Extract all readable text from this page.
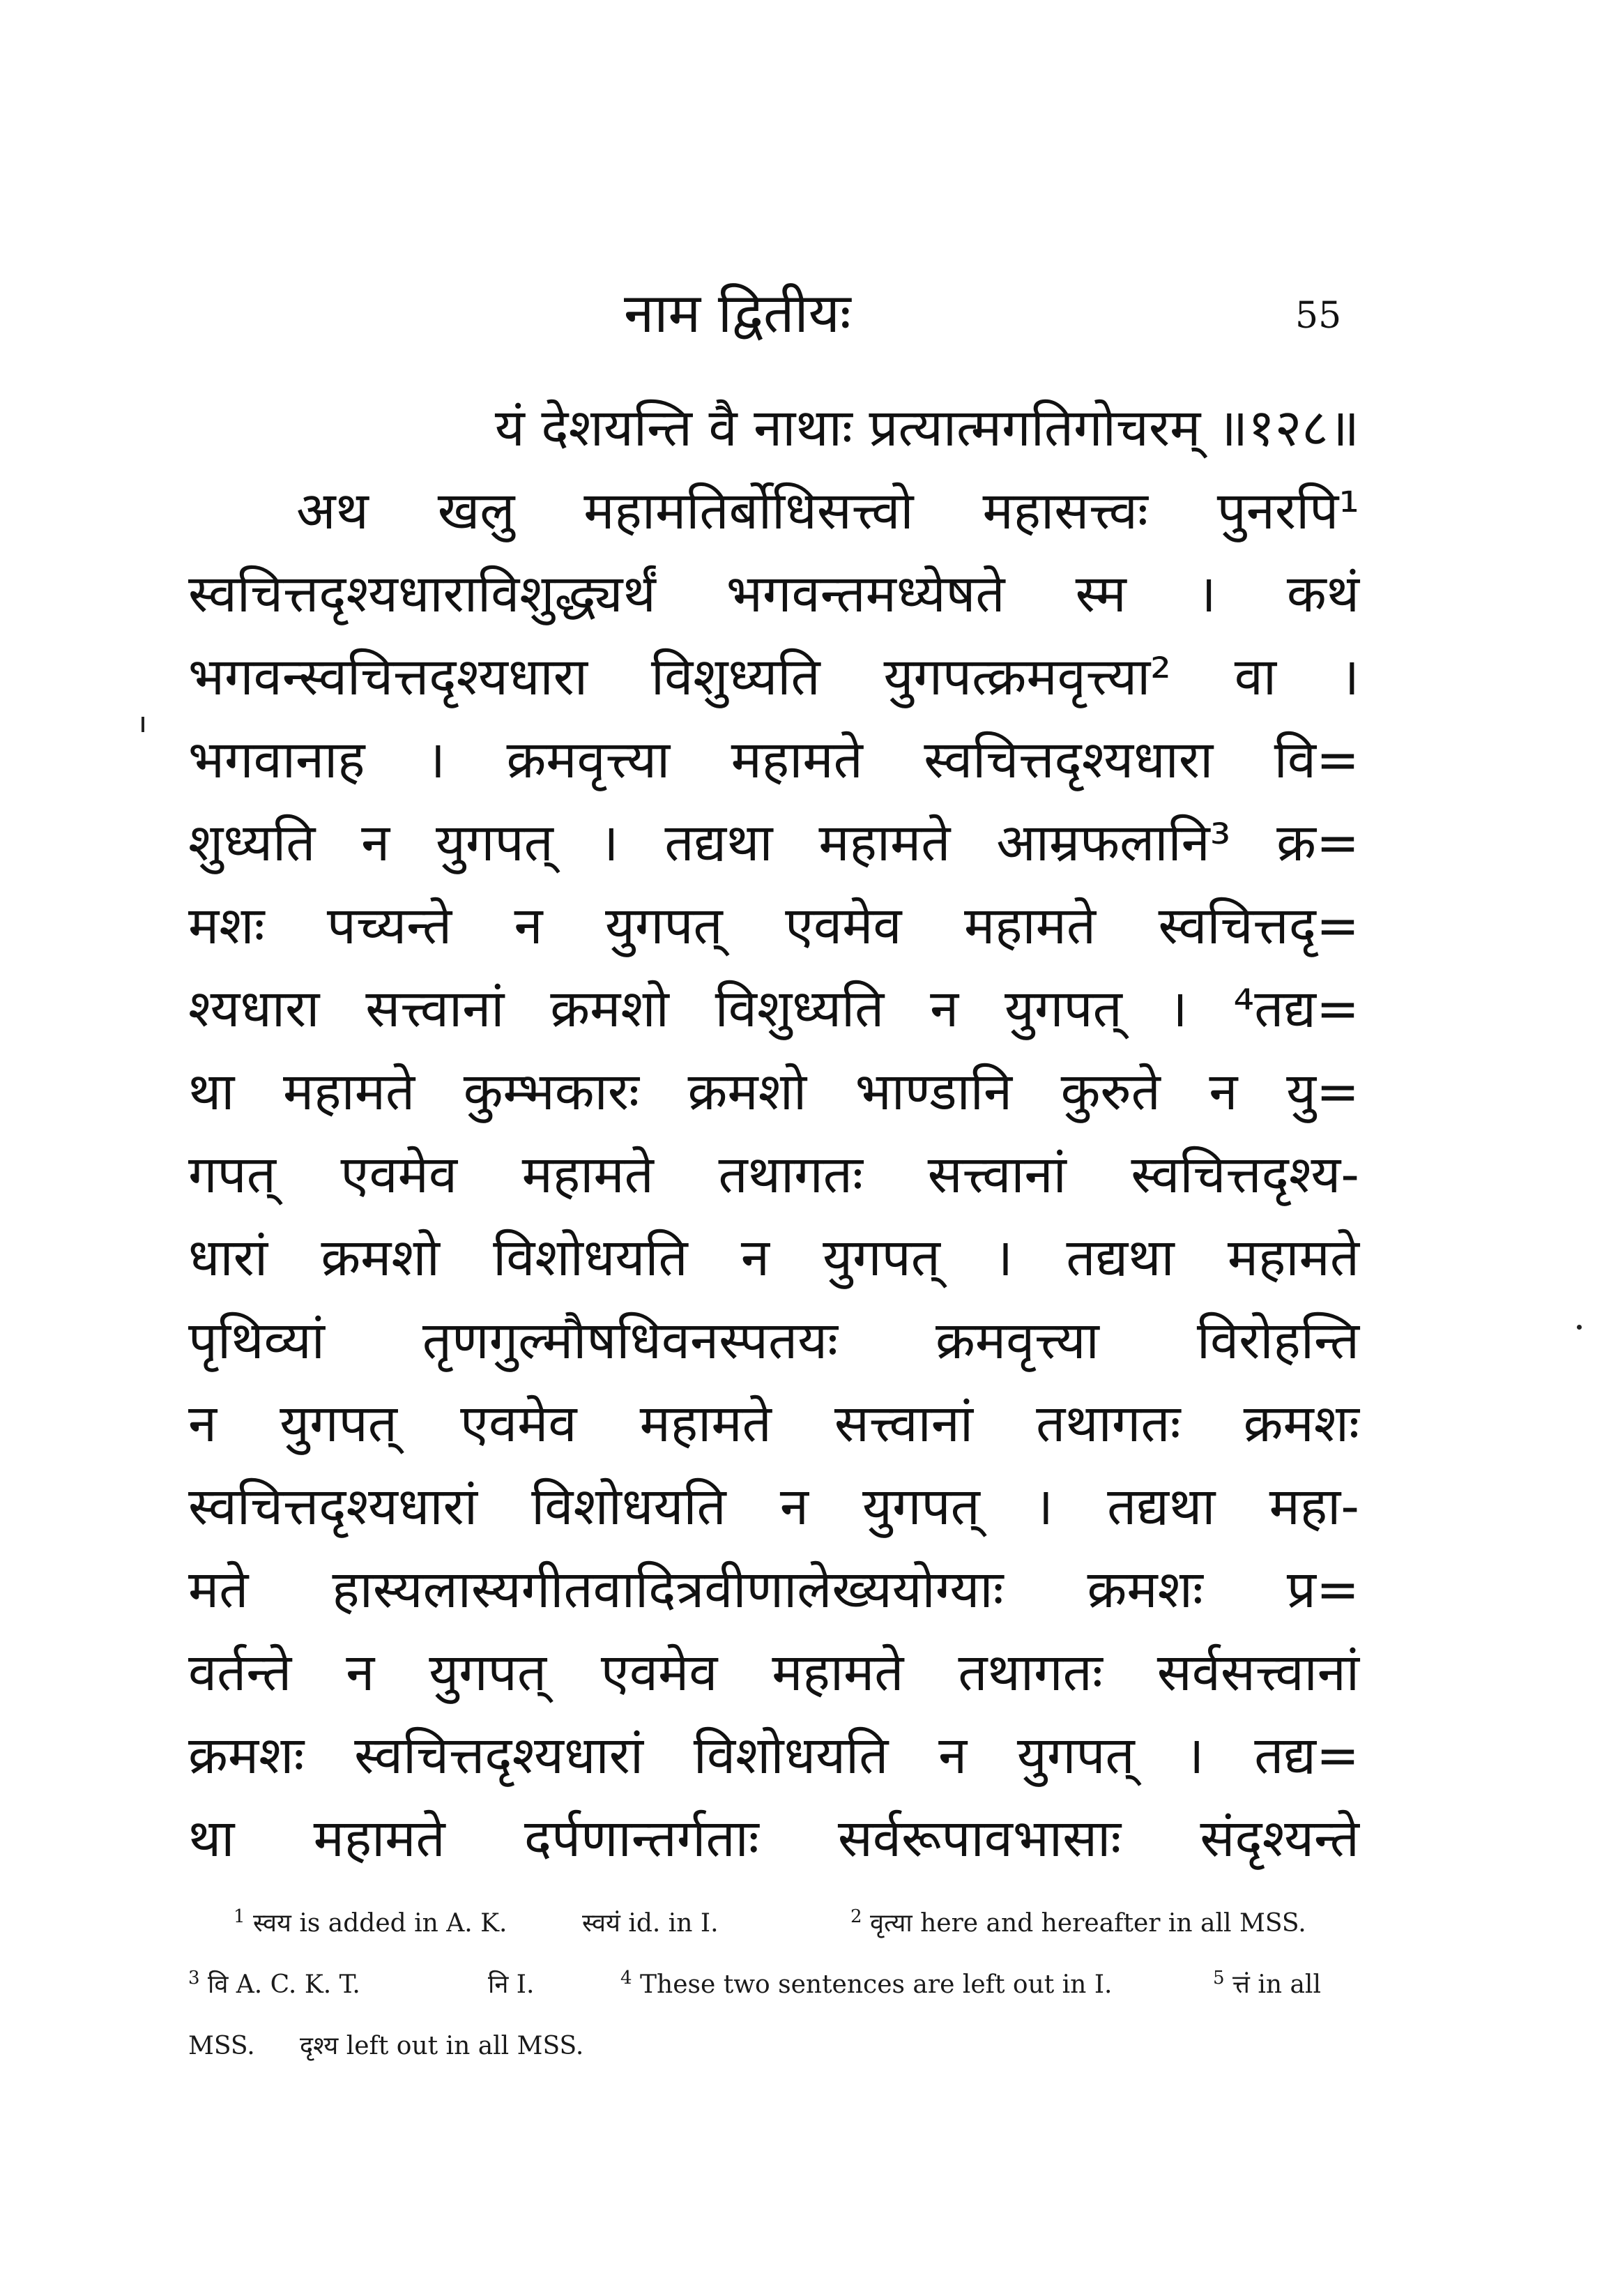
नाम द्वितीयः	55
यं देशयन्ति वै नाथाः प्रत्यात्मगतिगोचरम् ॥१२८॥
अथ खलु महामतिर्बोधिसत्त्वो महासत्त्वः पुनरपि¹
स्वचित्तदृश्यधाराविशुद्ध्यर्थं भगवन्तमध्येषते स्म । कथं
भगवन्स्वचित्तदृश्यधारा विशुध्यति युगपत्क्रमवृत्त्या² वा ।
भगवानाह । क्रमवृत्त्या महामते स्वचित्तदृश्यधारा वि=
शुध्यति न युगपत् । तद्यथा महामते आम्रफलानि³ क्र=
मशः पच्यन्ते न युगपत् एवमेव महामते स्वचित्तदृ=
श्यधारा सत्त्वानां क्रमशो विशुध्यति न युगपत् । ⁴तद्य=
था महामते कुम्भकारः क्रमशो भाण्डानि कुरुते न यु=
गपत् एवमेव महामते तथागतः सत्त्वानां स्वचित्तदृश्य-
धारां क्रमशो विशोधयति न युगपत् । तद्यथा महामते
पृथिव्यां तृणगुल्मौषधिवनस्पतयः क्रमवृत्त्या विरोहन्ति
न युगपत् एवमेव महामते सत्त्वानां तथागतः क्रमशः
स्वचित्तदृश्यधारां विशोधयति न युगपत् । तद्यथा महा-
मते हास्यलास्यगीतवादित्रवीणालेख्ययोग्याः क्रमशः प्र=
वर्तन्ते न युगपत् एवमेव महामते तथागतः सर्वसत्त्वानां
क्रमशः स्वचित्तदृश्यधारां विशोधयति न युगपत् । तद्य=
था महामते दर्पणान्तर्गताः सर्वरूपावभासाः संदृश्यन्ते
$^1$ स्वय is added in A. K.	स्वयं id. in I.	$^2$ वृत्या here and hereafter in all MSS.
$^3$ वि A. C. K. T.	नि I.	$^4$ These two sentences are left out in I.	$^5$ त्तं in all
MSS. दृश्य left out in all MSS.
